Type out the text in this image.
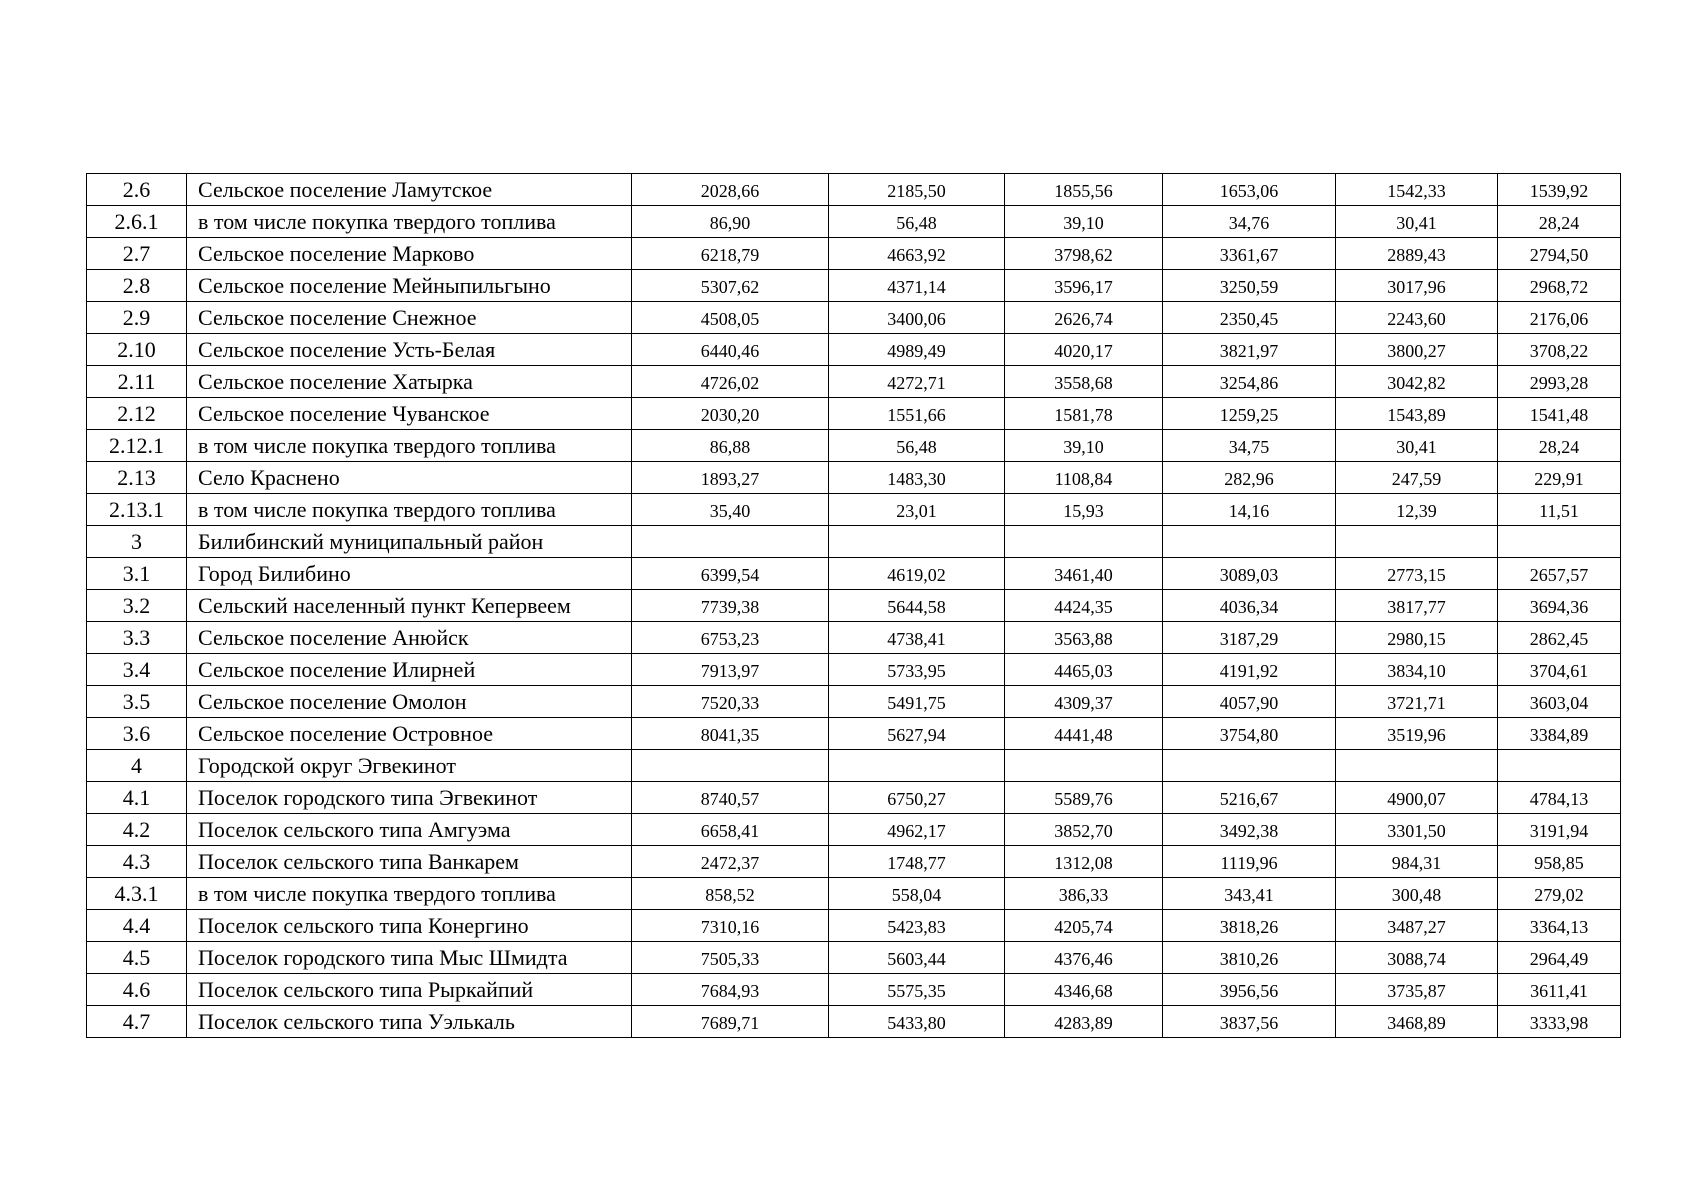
2.6	Сельское поселение Ламутское	2028,66	2185,50	1855,56	1653,06	1542,33	1539,92
2.6.1	в том числе покупка твердого топлива	86,90	56,48	39,10	34,76	30,41	28,24
2.7	Сельское поселение Марково	6218,79	4663,92	3798,62	3361,67	2889,43	2794,50
2.8	Сельское поселение Мейныпильгыно	5307,62	4371,14	3596,17	3250,59	3017,96	2968,72
2.9	Сельское поселение Снежное	4508,05	3400,06	2626,74	2350,45	2243,60	2176,06
2.10	Сельское поселение Усть-Белая	6440,46	4989,49	4020,17	3821,97	3800,27	3708,22
2.11	Сельское поселение Хатырка	4726,02	4272,71	3558,68	3254,86	3042,82	2993,28
2.12	Сельское поселение Чуванское	2030,20	1551,66	1581,78	1259,25	1543,89	1541,48
2.12.1	в том числе покупка твердого топлива	86,88	56,48	39,10	34,75	30,41	28,24
2.13	Село Краснено	1893,27	1483,30	1108,84	282,96	247,59	229,91
2.13.1	в том числе покупка твердого топлива	35,40	23,01	15,93	14,16	12,39	11,51
3	Билибинский муниципальный район						
3.1	Город Билибино	6399,54	4619,02	3461,40	3089,03	2773,15	2657,57
3.2	Сельский населенный пункт Кепервеем	7739,38	5644,58	4424,35	4036,34	3817,77	3694,36
3.3	Сельское поселение Анюйск	6753,23	4738,41	3563,88	3187,29	2980,15	2862,45
3.4	Сельское поселение Илирней	7913,97	5733,95	4465,03	4191,92	3834,10	3704,61
3.5	Сельское поселение Омолон	7520,33	5491,75	4309,37	4057,90	3721,71	3603,04
3.6	Сельское поселение Островное	8041,35	5627,94	4441,48	3754,80	3519,96	3384,89
4	Городской округ Эгвекинот						
4.1	Поселок городского типа Эгвекинот	8740,57	6750,27	5589,76	5216,67	4900,07	4784,13
4.2	Поселок сельского типа Амгуэма	6658,41	4962,17	3852,70	3492,38	3301,50	3191,94
4.3	Поселок сельского типа Ванкарем	2472,37	1748,77	1312,08	1119,96	984,31	958,85
4.3.1	в том числе покупка твердого топлива	858,52	558,04	386,33	343,41	300,48	279,02
4.4	Поселок сельского типа Конергино	7310,16	5423,83	4205,74	3818,26	3487,27	3364,13
4.5	Поселок городского типа Мыс Шмидта	7505,33	5603,44	4376,46	3810,26	3088,74	2964,49
4.6	Поселок сельского типа Рыркайпий	7684,93	5575,35	4346,68	3956,56	3735,87	3611,41
4.7	Поселок сельского типа Уэлькаль	7689,71	5433,80	4283,89	3837,56	3468,89	3333,98
